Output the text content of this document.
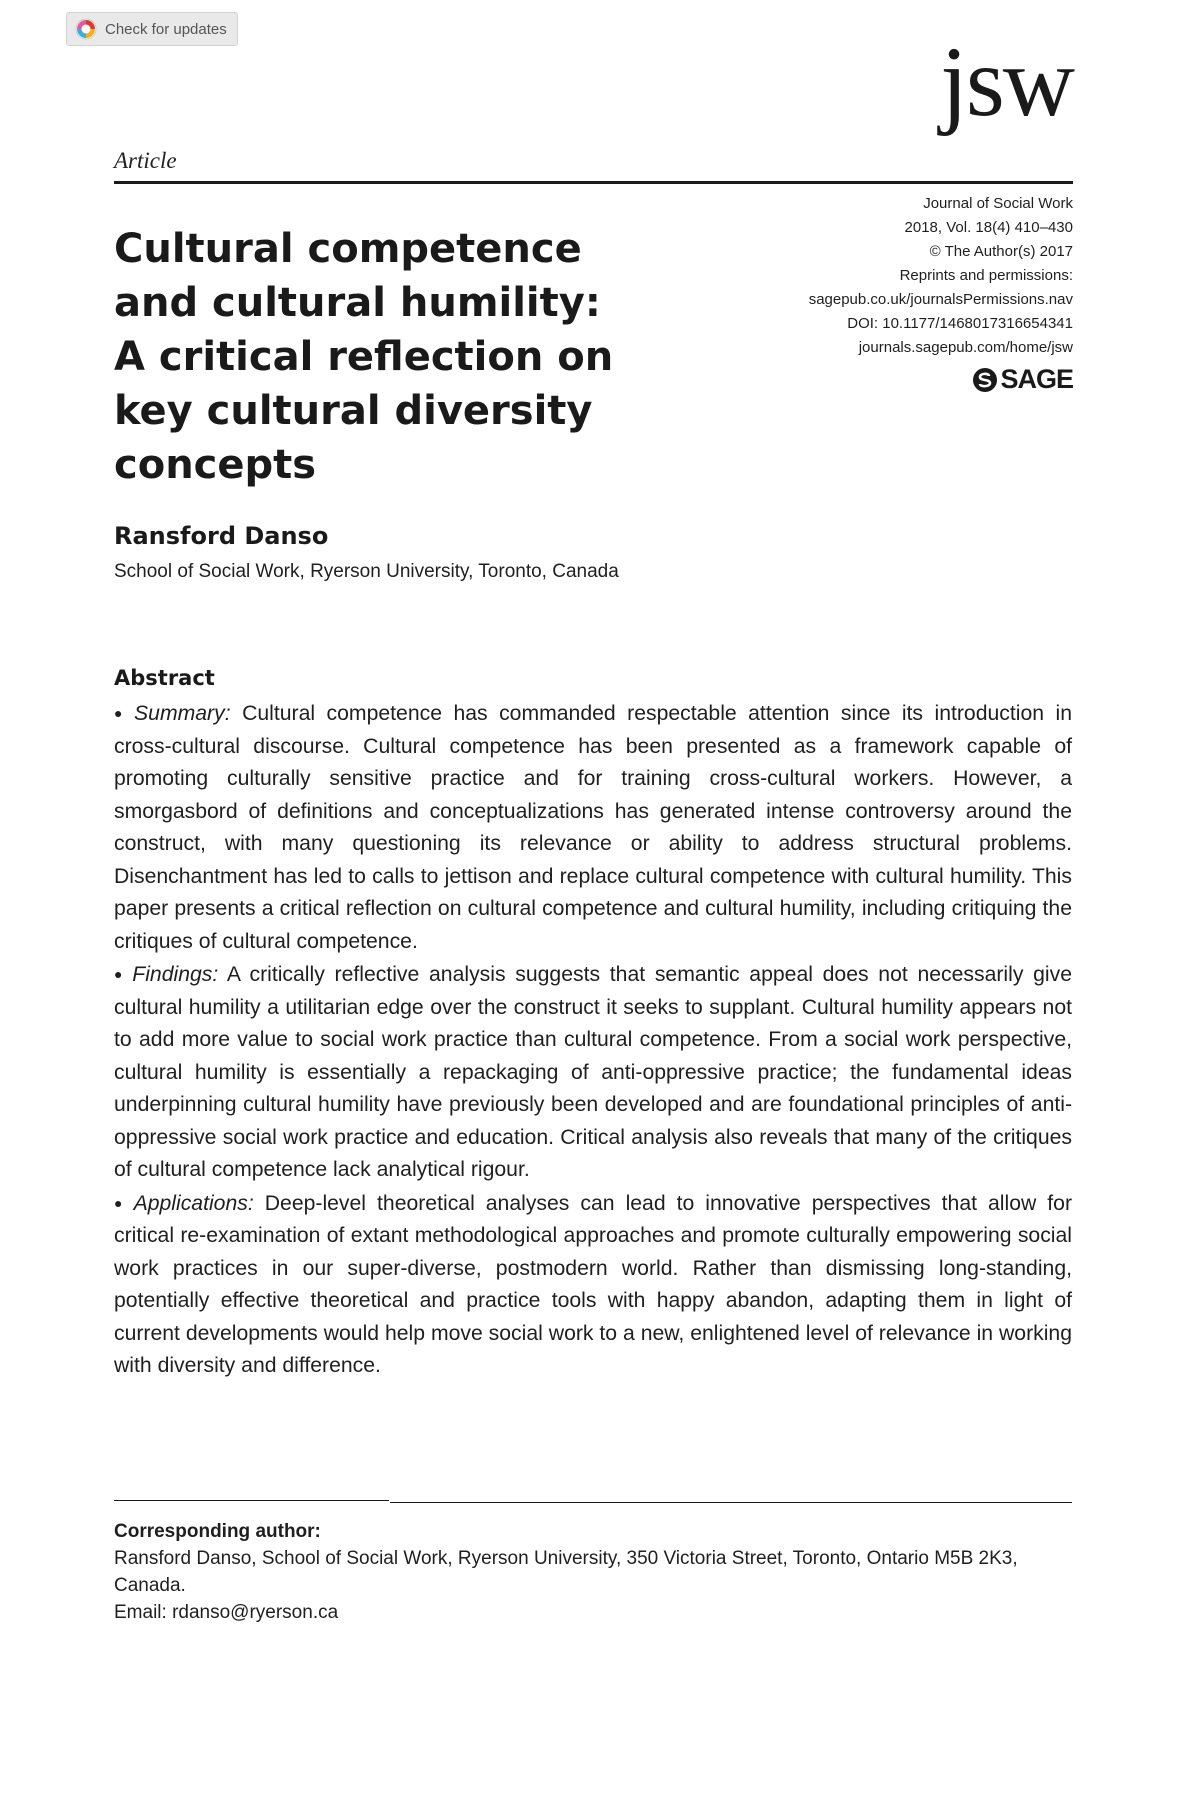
Check for updates	jsw
Article
Journal of Social Work
2018, Vol. 18(4) 410–430
© The Author(s) 2017
Reprints and permissions:
sagepub.co.uk/journalsPermissions.nav
DOI: 10.1177/1468017316654341
journals.sagepub.com/home/jsw
SAGE
Cultural competence and cultural humility: A critical reflection on key cultural diversity concepts
Ransford Danso
School of Social Work, Ryerson University, Toronto, Canada
Abstract

● Summary: Cultural competence has commanded respectable attention since its introduction in cross-cultural discourse. Cultural competence has been presented as a framework capable of promoting culturally sensitive practice and for training cross-cultural workers. However, a smorgasbord of definitions and conceptualizations has generated intense controversy around the construct, with many questioning its relevance or ability to address structural problems. Disenchantment has led to calls to jettison and replace cultural competence with cultural humility. This paper presents a critical reflection on cultural competence and cultural humility, including critiquing the critiques of cultural competence.

● Findings: A critically reflective analysis suggests that semantic appeal does not necessarily give cultural humility a utilitarian edge over the construct it seeks to supplant. Cultural humility appears not to add more value to social work practice than cultural competence. From a social work perspective, cultural humility is essentially a repackaging of anti-oppressive practice; the fundamental ideas underpinning cultural humility have previously been developed and are foundational principles of anti-oppressive social work practice and education. Critical analysis also reveals that many of the critiques of cultural competence lack analytical rigour.

● Applications: Deep-level theoretical analyses can lead to innovative perspectives that allow for critical re-examination of extant methodological approaches and promote culturally empowering social work practices in our super-diverse, postmodern world. Rather than dismissing long-standing, potentially effective theoretical and practice tools with happy abandon, adapting them in light of current developments would help move social work to a new, enlightened level of relevance in working with diversity and difference.

Corresponding author:
Ransford Danso, School of Social Work, Ryerson University, 350 Victoria Street, Toronto, Ontario M5B 2K3, Canada.
Email: rdanso@ryerson.ca
